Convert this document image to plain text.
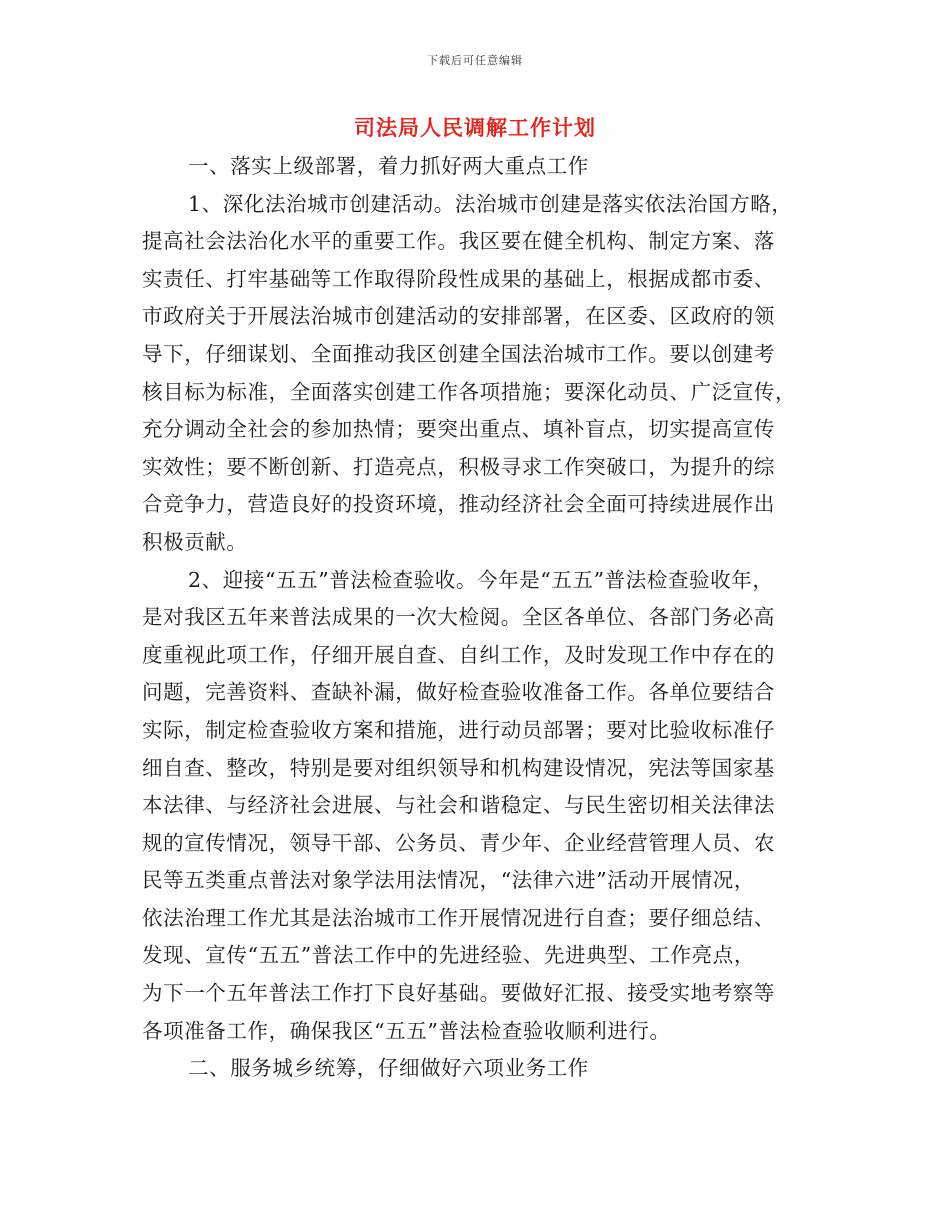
下载后可任意编辑
司法局人民调解工作计划
一、落实上级部署，着力抓好两大重点工作
1、深化法治城市创建活动。法治城市创建是落实依法治国方略，
提高社会法治化水平的重要工作。我区要在健全机构、制定方案、落
实责任、打牢基础等工作取得阶段性成果的基础上，根据成都市委、
市政府关于开展法治城市创建活动的安排部署，在区委、区政府的领
导下，仔细谋划、全面推动我区创建全国法治城市工作。要以创建考
核目标为标准，全面落实创建工作各项措施；要深化动员、广泛宣传，
充分调动全社会的参加热情；要突出重点、填补盲点，切实提高宣传
实效性；要不断创新、打造亮点，积极寻求工作突破口，为提升的综
合竞争力，营造良好的投资环境，推动经济社会全面可持续进展作出
积极贡献。
2、迎接“五五”普法检查验收。今年是“五五”普法检查验收年，
是对我区五年来普法成果的一次大检阅。全区各单位、各部门务必高
度重视此项工作，仔细开展自查、自纠工作，及时发现工作中存在的
问题，完善资料、查缺补漏，做好检查验收准备工作。各单位要结合
实际，制定检查验收方案和措施，进行动员部署；要对比验收标准仔
细自查、整改，特别是要对组织领导和机构建设情况，宪法等国家基
本法律、与经济社会进展、与社会和谐稳定、与民生密切相关法律法
规的宣传情况，领导干部、公务员、青少年、企业经营管理人员、农
民等五类重点普法对象学法用法情况，“法律六进”活动开展情况，
依法治理工作尤其是法治城市工作开展情况进行自查；要仔细总结、
发现、宣传“五五”普法工作中的先进经验、先进典型、工作亮点，
为下一个五年普法工作打下良好基础。要做好汇报、接受实地考察等
各项准备工作，确保我区“五五”普法检查验收顺利进行。
二、服务城乡统筹，仔细做好六项业务工作
